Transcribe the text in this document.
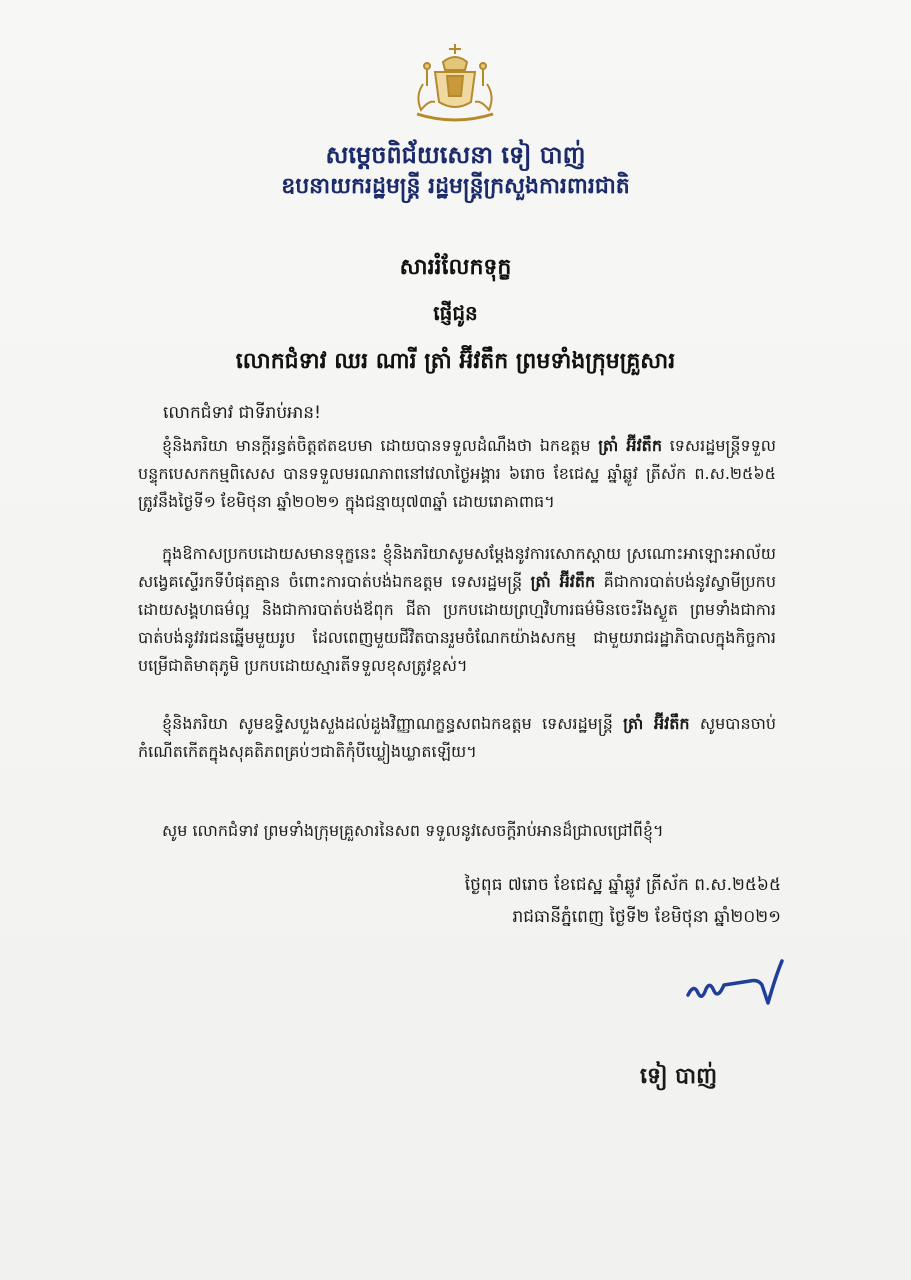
សម្តេចពិជ័យសេនា ទៀ បាញ់
ឧបនាយករដ្ឋមន្ត្រី រដ្ឋមន្ត្រីក្រសួងការពារជាតិ
សាររំលែកទុក្ខ
ផ្ញើជូន
លោកជំទាវ ឈរ ណារី ត្រាំ អ៊ីវតឹក ព្រមទាំងក្រុមគ្រួសារ
លោកជំទាវ ជាទីរាប់អាន!
ខ្ញុំនិងភរិយា មានក្តីរន្ធត់ចិត្តឥតឧបមា ដោយបានទទួលដំណឹងថា ឯកឧត្តម ត្រាំ អ៊ីវតឹក ទេសរដ្ឋមន្ត្រីទទួលបន្ទុកបេសកកម្មពិសេស បានទទួលមរណភាពនៅវេលាថ្ងៃអង្គារ ៦រោច ខែជេស្ឋ ឆ្នាំឆ្លូវ ត្រីស័ក ព.ស.២៥៦៥ ត្រូវនឹងថ្ងៃទី១ ខែមិថុនា ឆ្នាំ២០២១ ក្នុងជន្មាយុ៧៣ឆ្នាំ ដោយរោគាពាធ។
ក្នុងឱកាសប្រកបដោយសមានទុក្ខនេះ ខ្ញុំនិងភរិយាសូមសម្តែងនូវការសោកស្តាយ ស្រណោះអាឡោះអាល័យ សង្វេគស្ទើរកទីបំផុតគ្មាន ចំពោះការបាត់បង់ឯកឧត្តម ទេសរដ្ឋមន្ត្រី ត្រាំ អ៊ីវតឹក គឺជាការបាត់បង់នូវស្វាមីប្រកបដោយសង្គហធម៌ល្អ និងជាការបាត់បង់ឪពុក ជីតា ប្រកបដោយព្រហ្មវិហារធម៌មិនចេះរីងស្ងួត ព្រមទាំងជាការបាត់បង់នូវវរជនឆ្នើមមួយរូប ដែលពេញមួយជីវិតបានរួមចំណែកយ៉ាងសកម្ម ជាមួយរាជរដ្ឋាភិបាលក្នុងកិច្ចការបម្រើជាតិមាតុភូមិ ប្រកបដោយស្មារតីទទួលខុសត្រូវខ្ពស់។
ខ្ញុំនិងភរិយា សូមឧទ្ទិសបួងសួងដល់ដួងវិញ្ញាណក្ខន្ធសពឯកឧត្តម ទេសរដ្ឋមន្ត្រី ត្រាំ អ៊ីវតឹក សូមបានចាប់កំណើតកើតក្នុងសុគតិភពគ្រប់ៗជាតិកុំបីឃ្លៀងឃ្លាតឡើយ។
សូម លោកជំទាវ ព្រមទាំងក្រុមគ្រួសារនៃសព ទទួលនូវសេចក្តីរាប់អានដ៏ជ្រាលជ្រៅពីខ្ញុំ។
ថ្ងៃពុធ ៧រោច ខែជេស្ឋ ឆ្នាំឆ្លូវ ត្រីស័ក ព.ស.២៥៦៥
រាជធានីភ្នំពេញ ថ្ងៃទី២ ខែមិថុនា ឆ្នាំ២០២១
ទៀ បាញ់
